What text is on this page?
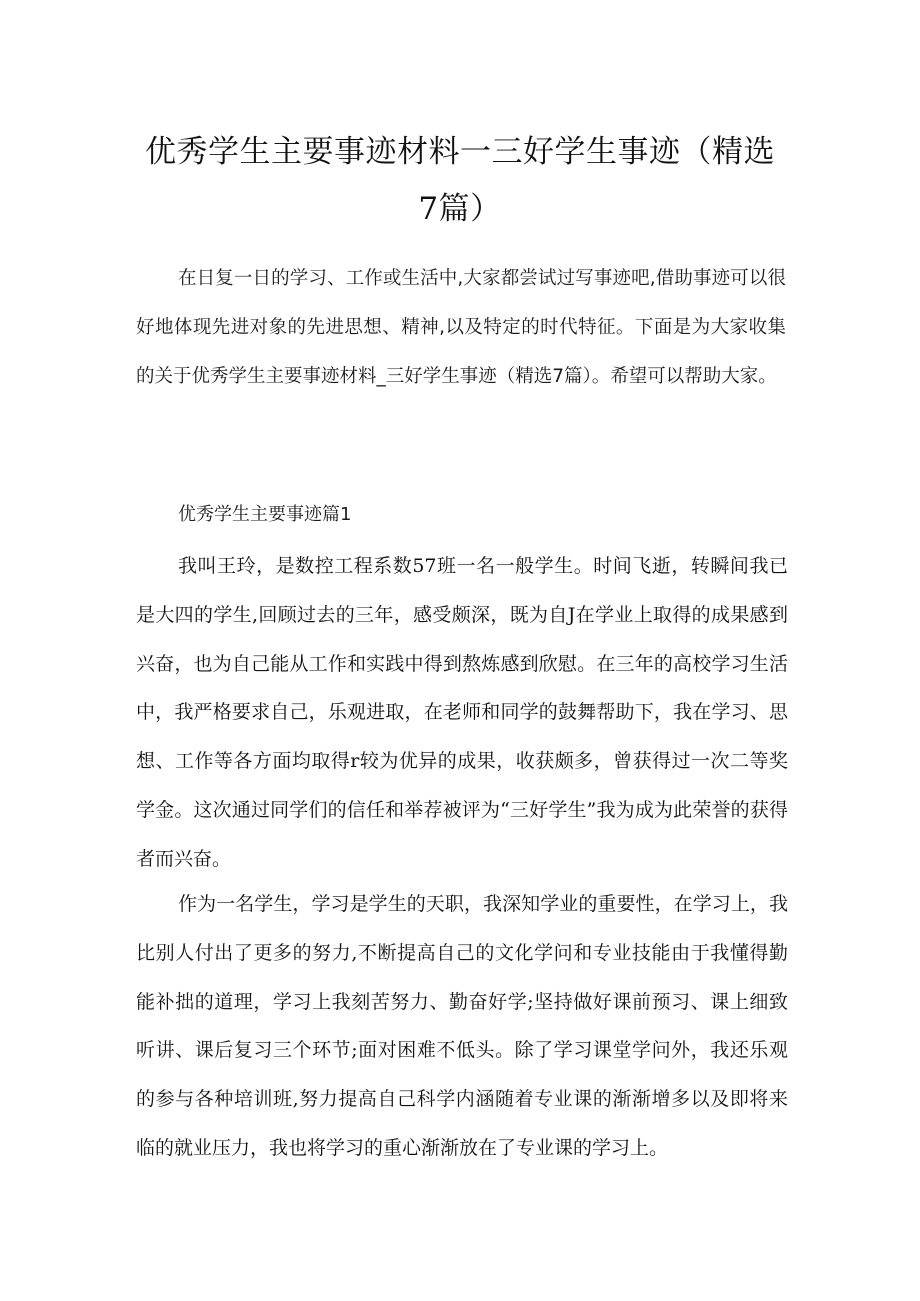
优秀学生主要事迹材料一三好学生事迹（精选7篇）

在日复一日的学习、工作或生活中,大家都尝试过写事迹吧,借助事迹可以很好地体现先进对象的先进思想、精神,以及特定的时代特征。下面是为大家收集的关于优秀学生主要事迹材料_三好学生事迹（精选7篇）。希望可以帮助大家。

优秀学生主要事迹篇1

我叫王玲，是数控工程系数57班一名一般学生。时间飞逝，转瞬间我已是大四的学生,回顾过去的三年，感受颇深，既为自J在学业上取得的成果感到兴奋，也为自己能从工作和实践中得到熬炼感到欣慰。在三年的高校学习生活中，我严格要求自己，乐观进取，在老师和同学的鼓舞帮助下，我在学习、思想、工作等各方面均取得r较为优异的成果，收获颇多，曾获得过一次二等奖学金。这次通过同学们的信任和举荐被评为“三好学生”我为成为此荣誉的获得者而兴奋。

作为一名学生，学习是学生的天职，我深知学业的重要性，在学习上，我比别人付出了更多的努力,不断提高自己的文化学问和专业技能由于我懂得勤能补拙的道理，学习上我刻苦努力、勤奋好学;坚持做好课前预习、课上细致听讲、课后复习三个环节;面对困难不低头。除了学习课堂学问外，我还乐观的参与各种培训班,努力提高自己科学内涵随着专业课的渐渐增多以及即将来临的就业压力，我也将学习的重心渐渐放在了专业课的学习上。
